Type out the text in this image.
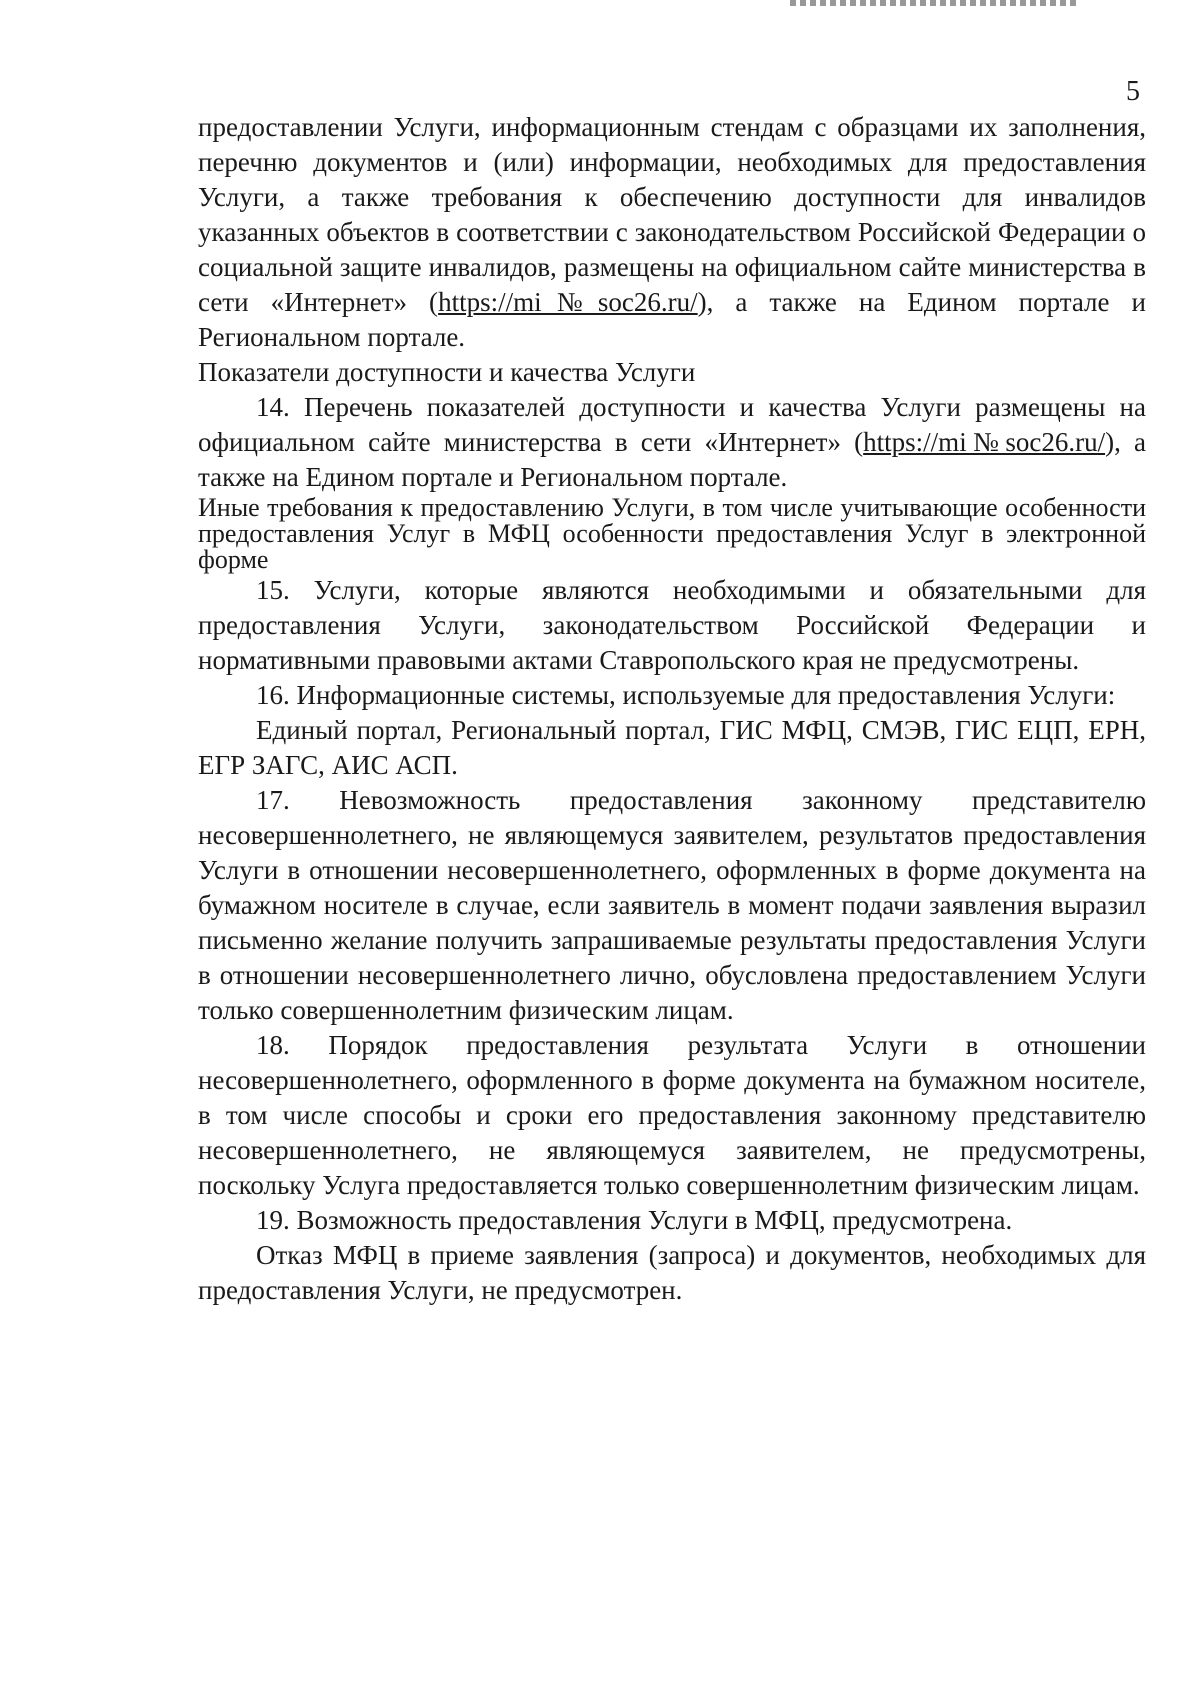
5

предоставлении Услуги, информационным стендам с образцами их заполнения, перечню документов и (или) информации, необходимых для предоставления Услуги, а также требования к обеспечению доступности для инвалидов указанных объектов в соответствии с законодательством Российской Федерации о социальной защите инвалидов, размещены на официальном сайте министерства в сети «Интернет» (https://mi№soc26.ru/), а также на Едином портале и Региональном портале.

Показатели доступности и качества Услуги

14. Перечень показателей доступности и качества Услуги размещены на официальном сайте министерства в сети «Интернет» (https://mi№soc26.ru/), а также на Едином портале и Региональном портале.

Иные требования к предоставлению Услуги, в том числе учитывающие особенности предоставления Услуг в МФЦ особенности предоставления Услуг в электронной форме

15. Услуги, которые являются необходимыми и обязательными для предоставления Услуги, законодательством Российской Федерации и нормативными правовыми актами Ставропольского края не предусмотрены.

16. Информационные системы, используемые для предоставления Услуги:

Единый портал, Региональный портал, ГИС МФЦ, СМЭВ, ГИС ЕЦП, ЕРН, ЕГР ЗАГС, АИС АСП.

17. Невозможность предоставления законному представителю несовершеннолетнего, не являющемуся заявителем, результатов предоставления Услуги в отношении несовершеннолетнего, оформленных в форме документа на бумажном носителе в случае, если заявитель в момент подачи заявления выразил письменно желание получить запрашиваемые результаты предоставления Услуги в отношении несовершеннолетнего лично, обусловлена предоставлением Услуги только совершеннолетним физическим лицам.

18. Порядок предоставления результата Услуги в отношении несовершеннолетнего, оформленного в форме документа на бумажном носителе, в том числе способы и сроки его предоставления законному представителю несовершеннолетнего, не являющемуся заявителем, не предусмотрены, поскольку Услуга предоставляется только совершеннолетним физическим лицам.

19. Возможность предоставления Услуги в МФЦ, предусмотрена.

Отказ МФЦ в приеме заявления (запроса) и документов, необходимых для предоставления Услуги, не предусмотрен.
